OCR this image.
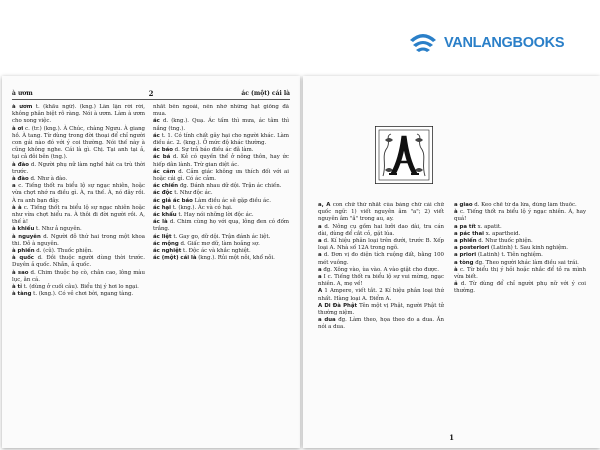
VANLANGBOOKS
à ươm	2	ác (một) cái là

à ươm t. (khẩu ngữ). (kng.) Lân lận rời rời, không phân biệt rõ ràng. Nói à ươm. Làm à ươm cho xong việc.

à ơi c. (tr.) (kng.). À Chúc, chàng Ngưu. À giang hồ. À tang. Từ dùng trong đời thoại để chỉ người con gái nào đó với ý coi thường. Nói thế này à cũng không nghe. Cái là gì. Chị. Tại anh tại ả, tại cả đôi bên (tng.).

à đào d. Người phụ nữ làm nghề hát ca trù thời trước.

à đào d. Như à đào.

a c. Tiếng thốt ra biểu lộ sự ngạc nhiên, hoặc vừa chợt nhớ ra điều gì. À, ra thế. À, nó đây rồi. À ra anh bạn đây.

à à c. Tiếng thốt ra biểu lộ sự ngạc nhiên hoặc như vừa chợt hiểu ra. À thôi đi đời người rồi. A, thế à!

à khiếu t. Như ả nguyên.

à nguyên d. Người đỗ thứ hai trong một khoa thi. Đỗ à nguyên.

à phiến d. (cũ). Thuốc phiện.

à quốc d. Đồi thuộc người dùng thời trước. Duyên ả quốc. Nhẫn, ả quốc.

à sao d. Chim thuộc họ cò, chân cao, lông màu lục, ăn cá.

à tỉ t. (dùng ở cuối câu). Biểu thị ý hơi lo ngại.

à tàng t. (kng.). Có vẻ chơi bời, ngang tàng.

nhất bên ngoài, nên nhớ những hạt giống đã mua.

ác d. (kng.). Quạ. Ác tấm thì mưa, ác tâm thì nắng (tng.).

ác t. 1. Có tính chất gây hại cho người khác. Làm điều ác. 2. (kng.). Ở mức độ khác thường.

ác báo d. Sự trả báo điều ác đã làm.

ác bá d. Kẻ có quyền thế ở nông thôn, hay ức hiếp dân lành. Trừ gian diệt ác.

ác cảm d. Cảm giác không ưa thích đối với ai hoặc cái gì. Có ác cảm.

ác chiến đg. Đánh nhau dữ dội. Trận ác chiến.

ác độc t. Như độc ác.

ác giả ác báo Làm điều ác sẽ gặp điều ác.

ác hại t. (kng.). Ác và có hại.

ác khẩu t. Hay nói những lời độc ác.

ác là d. Chim cùng họ với quạ, lông đen có đốm trắng.

ác liệt t. Gay go, dữ dội. Trận đánh ác liệt.

ác mộng d. Giấc mơ dữ, làm hoảng sợ.

ác nghiệt t. Độc ác và khắc nghiệt.

ác (một) cái là (kng.). Rủi một nỗi, khổ nỗi.

a, A con chữ thứ nhất của bảng chữ cái chữ quốc ngữ: 1) viết nguyên âm "a"; 2) viết nguyên âm "ă" trong au, ay.

a d. Nông cụ gồm hai lưỡi dao dài, tra cán dài, dùng để cắt cỏ, gặt lúa.

a d. Kí hiệu phân loại trên dưới, trước B. Xếp loại A. Nhà số 12A trong ngõ.

a d. Đơn vị đo diện tích ruộng đất, bằng 100 mét vuông.

a đg. Xông vào, ùa vào. A vào giật cho được.

a I c. Tiếng thốt ra biểu lộ sự vui mừng, ngạc nhiên. A, mẹ về!

A 1 Ampere, viết tắt. 2 Kí hiệu phân loại thứ nhất. Hàng loại A. Điểm A.

A Di Đà Phật Tên một vị Phật, người Phật tử thường niệm.

a dua đg. Làm theo, họa theo do a dua. Ăn nói a dua.

a giao d. Keo chế từ da lừa, dùng làm thuốc.

à c. Tiếng thốt ra biểu lộ ý ngạc nhiên. À, hay quá!

a pa tít x. apatit.

a pác thai x. apartheid.

a phiến d. Như thuốc phiện.

a posteriori (Latinh) t. Sau kinh nghiệm.

a priori (Latinh) t. Tiên nghiệm.

a tòng đg. Theo người khác làm điều sai trái.

à c. Từ biểu thị ý hỏi hoặc nhắc để tỏ ra mình vừa biết.

ả d. Từ dùng để chỉ người phụ nữ với ý coi thường.

1
